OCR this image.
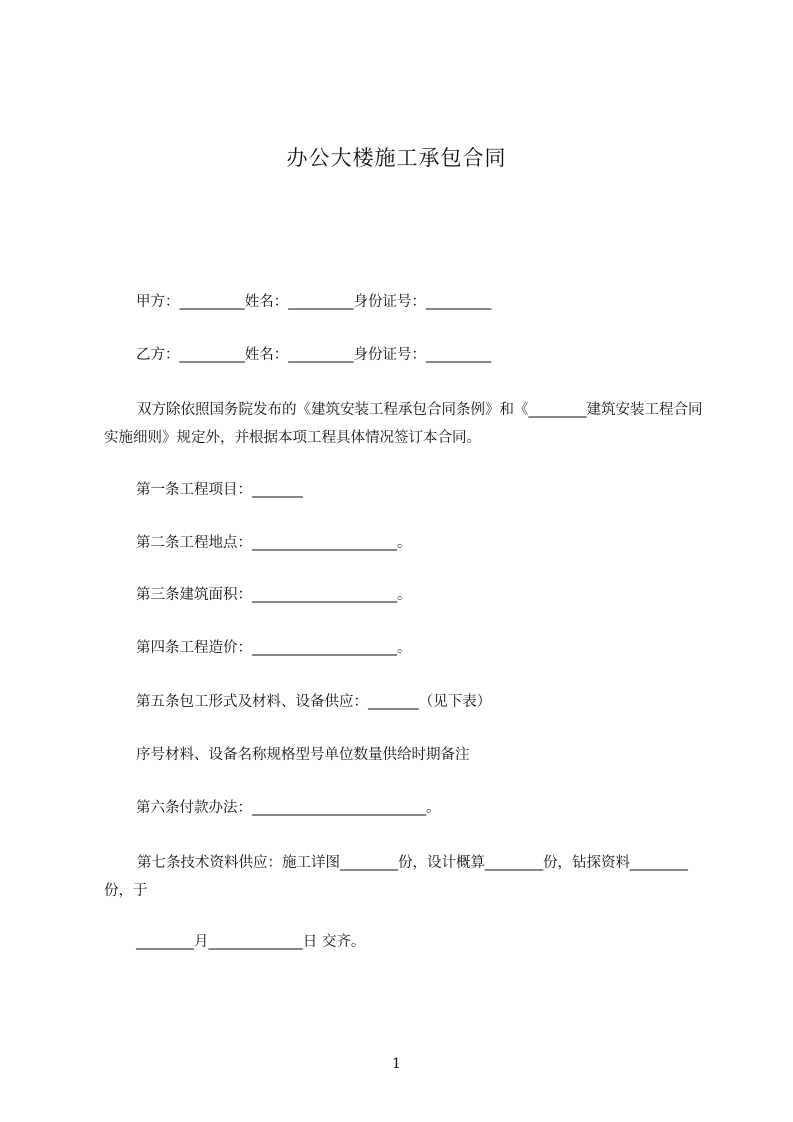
办公大楼施工承包合同
甲方：_________姓名：_________身份证号：_________
乙方：_________姓名：_________身份证号：_________
双方除依照国务院发布的《建筑安装工程承包合同条例》和《________建筑安装工程合同实施细则》规定外，并根据本项工程具体情况签订本合同。
第一条工程项目：_______
第二条工程地点：____________________。
第三条建筑面积：____________________。
第四条工程造价：____________________。
第五条包工形式及材料、设备供应：_______（见下表）
序号材料、设备名称规格型号单位数量供给时期备注
第六条付款办法：________________________。
第七条技术资料供应：施工详图________份，设计概算________份，钻探资料________份，于
________月_____________日 交齐。
1
